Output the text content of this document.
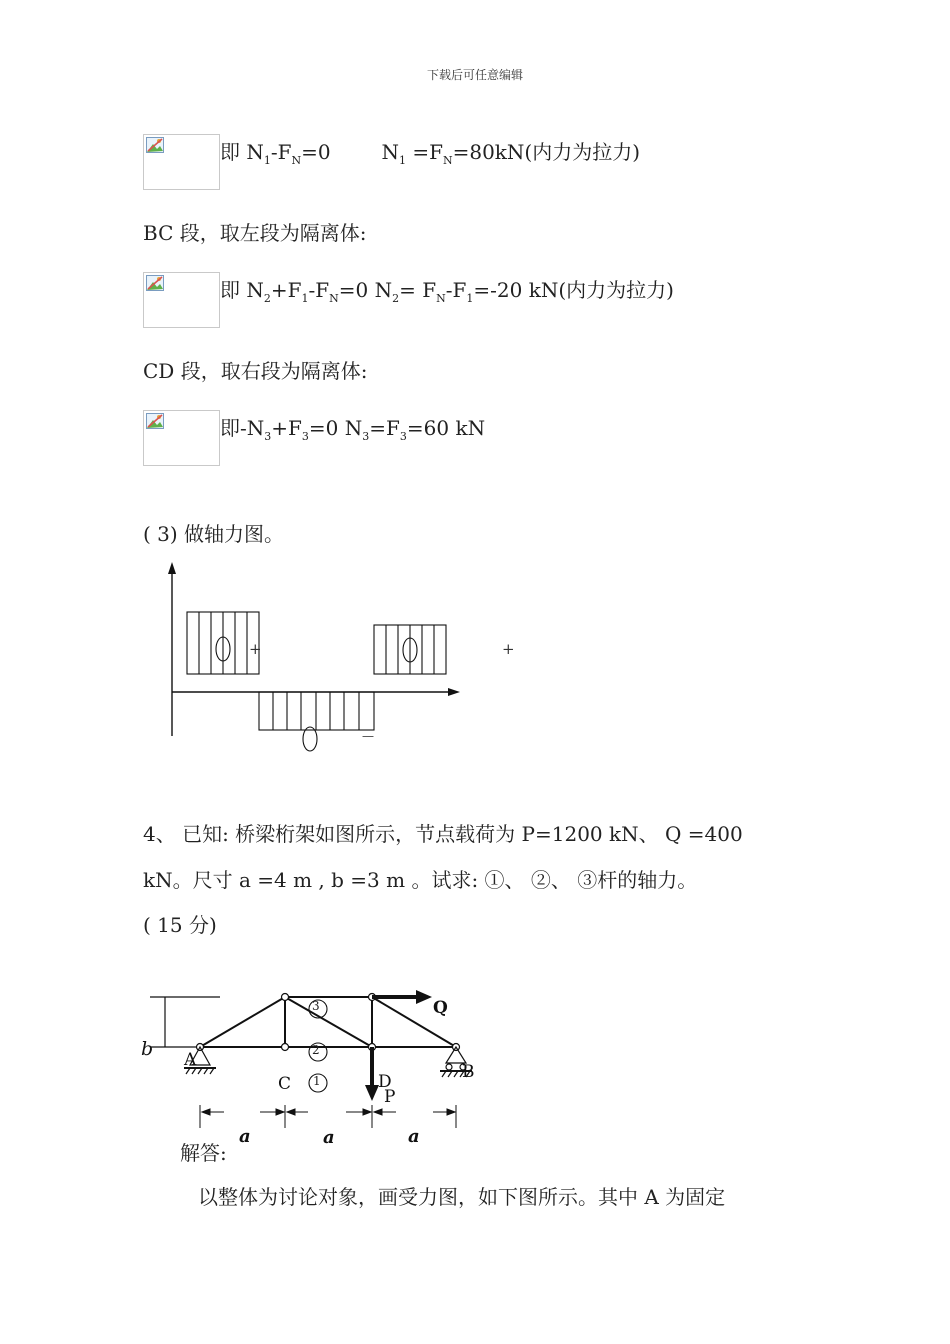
下载后可任意编辑
即 $N_1-F_N=0$        $N_1 =F_N=80kN$(内力为拉力)
BC 段，取左段为隔离体:
即 $N_2+F_1-F_N=0$ $N_2= F_N-F_1=-20$ kN(内力为拉力)
CD 段，取右段为隔离体:
即$-N_3+F_3=0$ $N_3=F_3=60$ kN
( 3) 做轴力图。
+	+
—
4、 已知: 桥梁桁架如图所示，节点载荷为 P=1200 kN、 Q =400
kN。尺寸 a =4 m , b =3 m 。试求: ①、 ②、 ③杆的轴力。
( 15 分)
b A
B
C	D
P
Q
a	a	a
3
2
1
解答:
以整体为讨论对象，画受力图，如下图所示。其中 A 为固定
